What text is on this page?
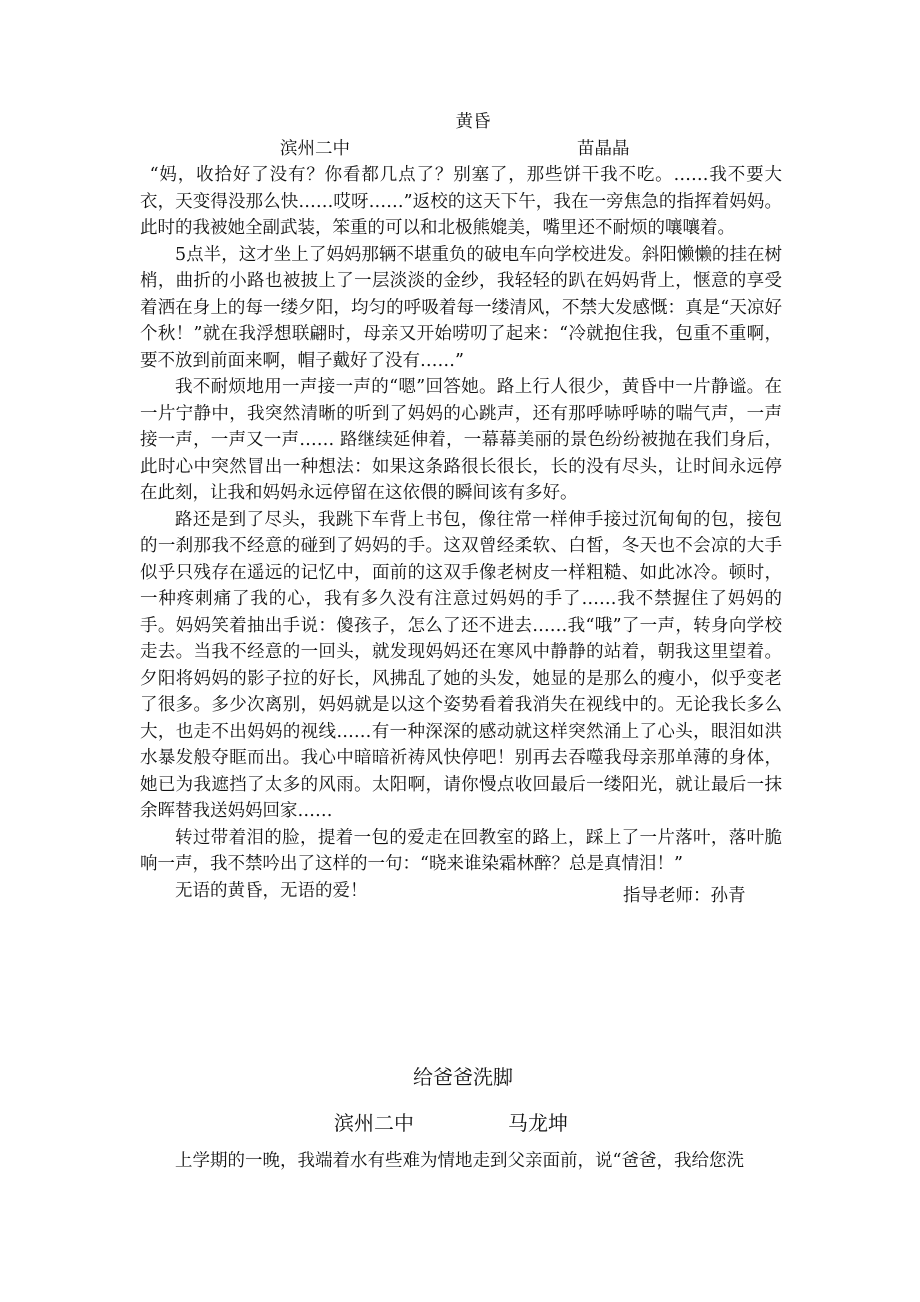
黄昏
滨州二中	苗晶晶

“妈，收拾好了没有？你看都几点了？别塞了，那些饼干我不吃。……我不要大衣，天变得没那么快……哎呀……”返校的这天下午，我在一旁焦急的指挥着妈妈。此时的我被她全副武装，笨重的可以和北极熊媲美，嘴里还不耐烦的嚷嚷着。

5点半，这才坐上了妈妈那辆不堪重负的破电车向学校进发。斜阳懒懒的挂在树梢，曲折的小路也被披上了一层淡淡的金纱，我轻轻的趴在妈妈背上，惬意的享受着洒在身上的每一缕夕阳，均匀的呼吸着每一缕清风，不禁大发感慨：真是“天凉好个秋！”就在我浮想联翩时，母亲又开始唠叨了起来：“冷就抱住我，包重不重啊，要不放到前面来啊，帽子戴好了没有……”

我不耐烦地用一声接一声的“嗯”回答她。路上行人很少，黄昏中一片静谧。在一片宁静中，我突然清晰的听到了妈妈的心跳声，还有那呼哧呼哧的喘气声，一声接一声，一声又一声…… 路继续延伸着，一幕幕美丽的景色纷纷被抛在我们身后，此时心中突然冒出一种想法：如果这条路很长很长，长的没有尽头，让时间永远停在此刻，让我和妈妈永远停留在这依偎的瞬间该有多好。

路还是到了尽头，我跳下车背上书包，像往常一样伸手接过沉甸甸的包，接包的一刹那我不经意的碰到了妈妈的手。这双曾经柔软、白皙，冬天也不会凉的大手似乎只残存在遥远的记忆中，面前的这双手像老树皮一样粗糙、如此冰冷。顿时，一种疼刺痛了我的心，我有多久没有注意过妈妈的手了……我不禁握住了妈妈的手。妈妈笑着抽出手说：傻孩子，怎么了还不进去……我“哦”了一声，转身向学校走去。当我不经意的一回头，就发现妈妈还在寒风中静静的站着，朝我这里望着。夕阳将妈妈的影子拉的好长，风拂乱了她的头发，她显的是那么的瘦小，似乎变老了很多。多少次离别，妈妈就是以这个姿势看着我消失在视线中的。无论我长多么大，也走不出妈妈的视线……有一种深深的感动就这样突然涌上了心头，眼泪如洪水暴发般夺眶而出。我心中暗暗祈祷风快停吧！别再去吞噬我母亲那单薄的身体，她已为我遮挡了太多的风雨。太阳啊，请你慢点收回最后一缕阳光，就让最后一抹余晖替我送妈妈回家……

转过带着泪的脸，提着一包的爱走在回教室的路上，踩上了一片落叶，落叶脆响一声，我不禁吟出了这样的一句：“晓来谁染霜林醉？总是真情泪！”

无语的黄昏，无语的爱！	指导老师：孙青
给爸爸洗脚
滨州二中	马龙坤

上学期的一晚，我端着水有些难为情地走到父亲面前，说“爸爸，我给您洗
